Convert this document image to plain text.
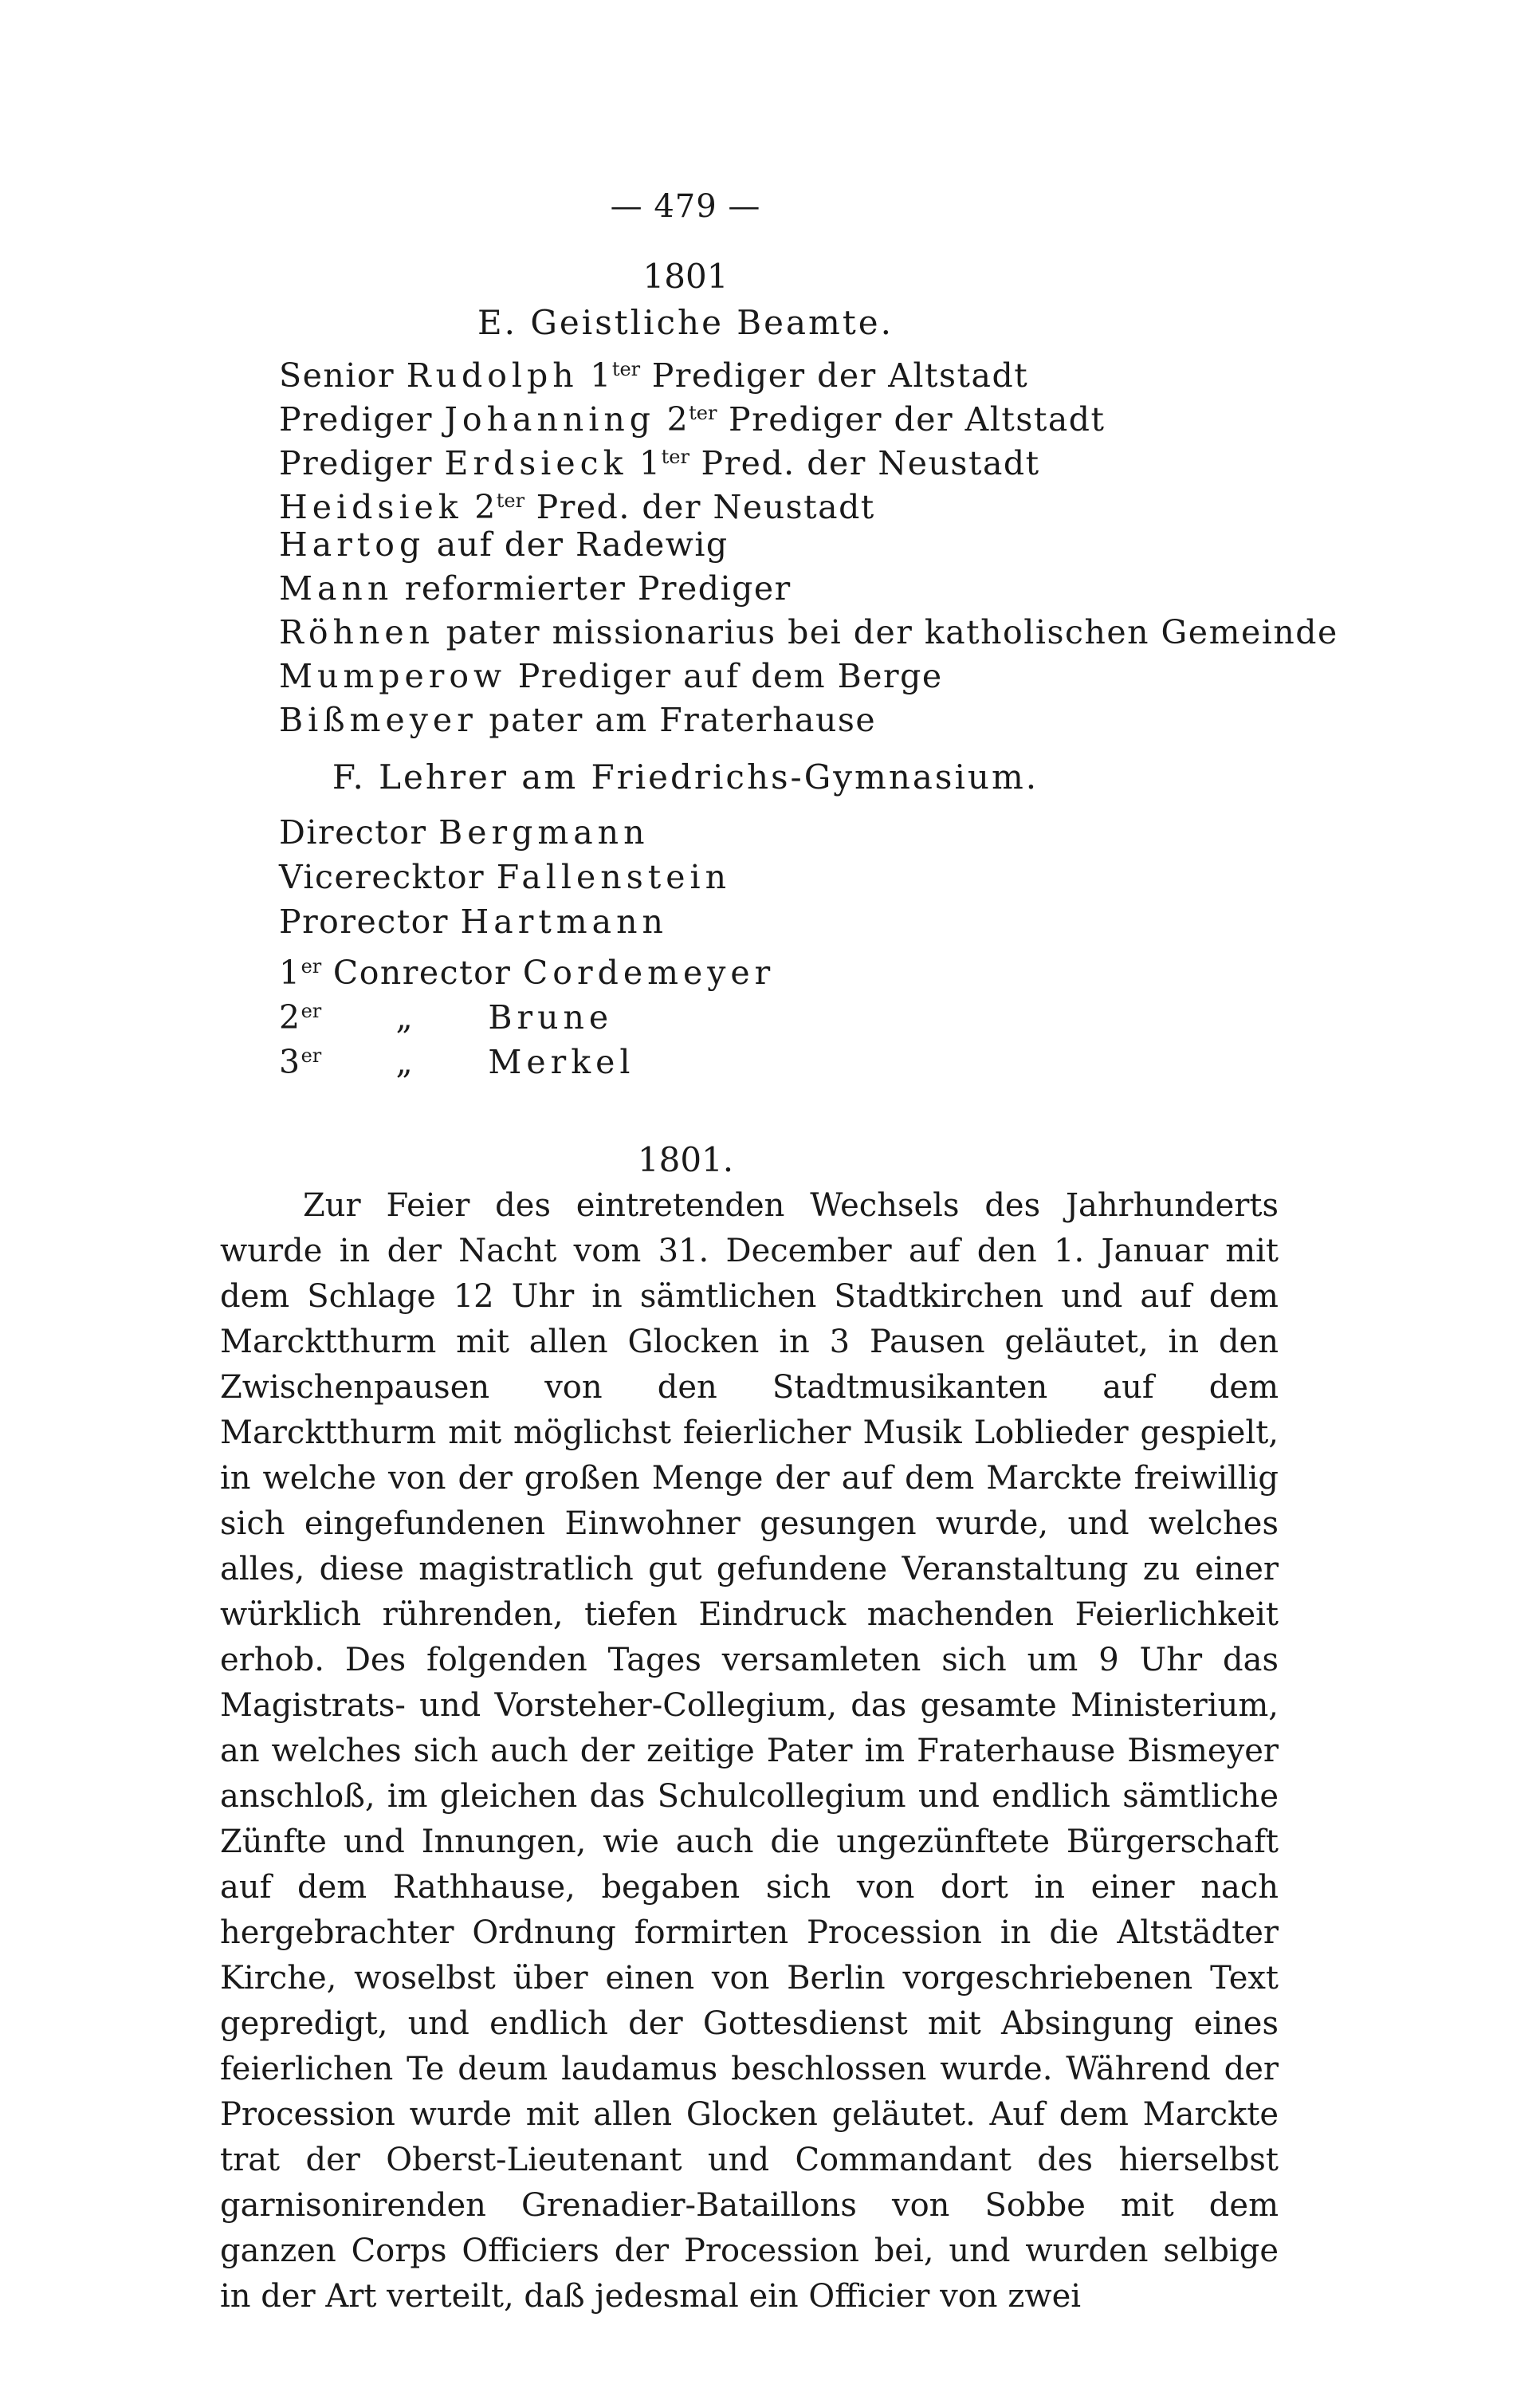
— 479 —
1801
E. Geistliche Beamte.
Senior Rudolph $1^{ter}$ Prediger der Altstadt
Prediger Johanning $2^{ter}$ Prediger der Altstadt
Prediger Erdsieck $1^{ter}$ Pred. der Neustadt
Heidsiek $2^{ter}$ Pred. der Neustadt
Hartog auf der Radewig
Mann reformierter Prediger
Röhnen pater missionarius bei der katholischen Gemeinde
Mumperow Prediger auf dem Berge
Bißmeyer pater am Fraterhause
F. Lehrer am Friedrichs-Gymnasium.
Director Bergmann
Vicerecktor Fallenstein
Prorector Hartmann
1er Conrector Cordemeyer
2er „ Brune
3er „ Merkel
1801.

Zur Feier des eintretenden Wechsels des Jahrhunderts wurde in der Nacht vom 31. December auf den 1. Januar mit dem Schlage 12 Uhr in sämtlichen Stadtkirchen und auf dem Marcktthurm mit allen Glocken in 3 Pausen geläutet, in den Zwischenpausen von den Stadtmusikanten auf dem Marcktthurm mit möglichst feierlicher Musik Loblieder gespielt, in welche von der großen Menge der auf dem Marckte freiwillig sich eingefundenen Einwohner gesungen wurde, und welches alles, diese magistratlich gut gefundene Veranstaltung zu einer würklich rührenden, tiefen Eindruck machenden Feierlichkeit erhob. Des folgenden Tages versamleten sich um 9 Uhr das Magistrats- und Vorsteher-Collegium, das gesamte Ministerium, an welches sich auch der zeitige Pater im Fraterhause Bismeyer anschloß, im gleichen das Schulcollegium und endlich sämtliche Zünfte und Innungen, wie auch die ungezünftete Bürgerschaft auf dem Rathhause, begaben sich von dort in einer nach hergebrachter Ordnung formirten Procession in die Altstädter Kirche, woselbst über einen von Berlin vorgeschriebenen Text gepredigt, und endlich der Gottesdienst mit Absingung eines feierlichen Te deum laudamus beschlossen wurde. Während der Procession wurde mit allen Glocken geläutet. Auf dem Marckte trat der Oberst-Lieutenant und Commandant des hierselbst garnisonirenden Grenadier-Bataillons von Sobbe mit dem ganzen Corps Officiers der Procession bei, und wurden selbige in der Art verteilt, daß jedesmal ein Officier von zwei
